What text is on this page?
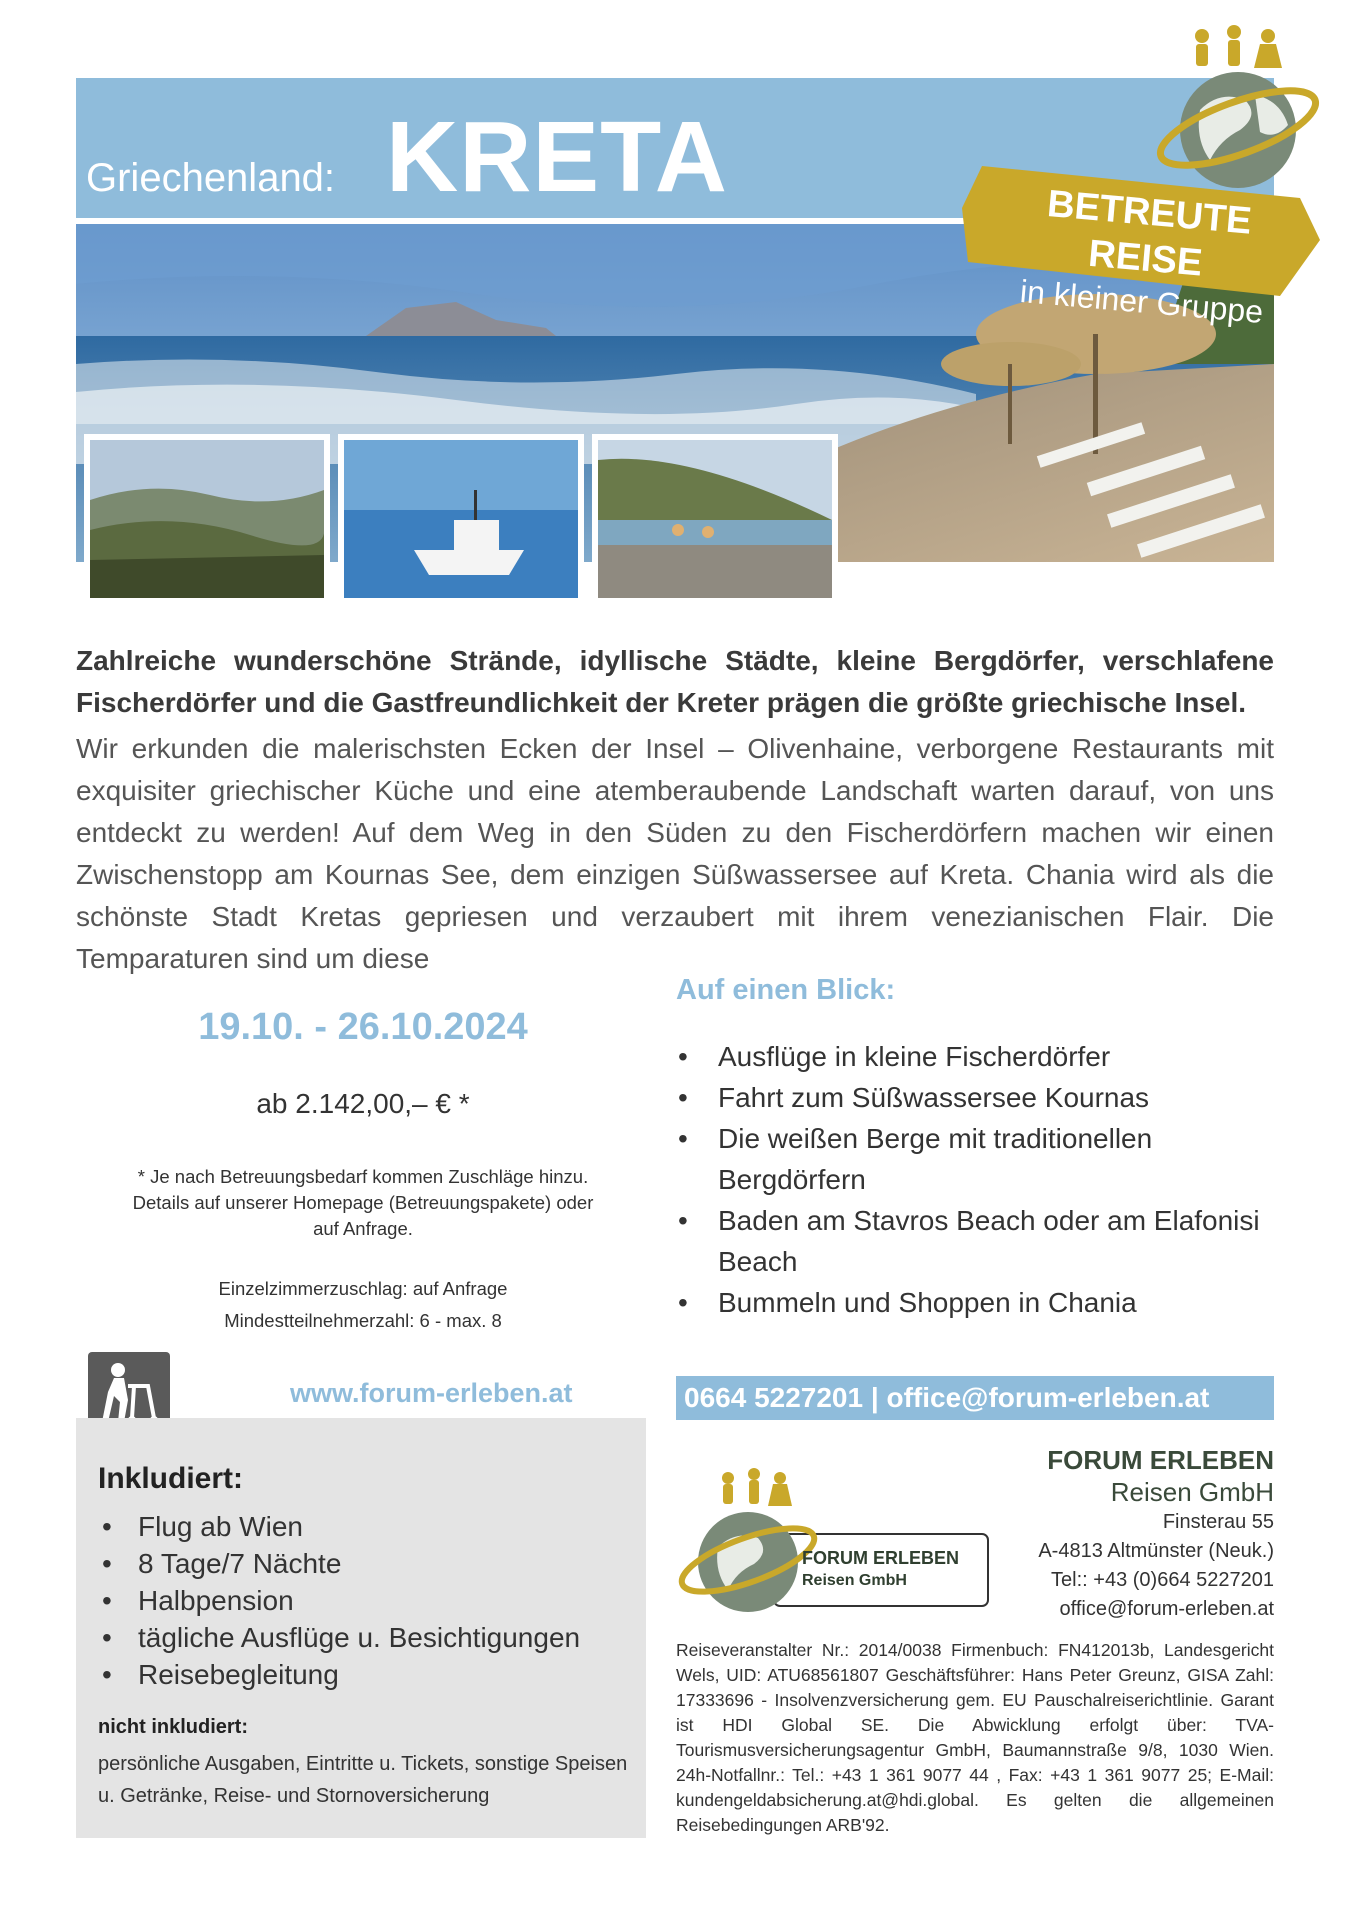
Griechenland: KRETA	BETREUTE REISE
in kleiner Gruppe
Zahlreiche wunderschöne Strände, idyllische Städte, kleine Bergdörfer, verschlafene Fischerdörfer und die Gastfreundlichkeit der Kreter prägen die größte griechische Insel.
Wir erkunden die malerischsten Ecken der Insel – Olivenhaine, verborgene Restaurants mit exquisiter griechischer Küche und eine atemberaubende Landschaft warten darauf, von uns entdeckt zu werden! Auf dem Weg in den Süden zu den Fischerdörfern machen wir einen Zwischenstopp am Kournas See, dem einzigen Süßwassersee auf Kreta. Chania wird als die schönste Stadt Kretas gepriesen und verzaubert mit ihrem venezianischen Flair. Die Temparaturen sind um diese
19.10. - 26.10.2024
ab 2.142,00,– € *
* Je nach Betreuungsbedarf kommen Zuschläge hinzu. Details auf unserer Homepage (Betreuungspakete) oder auf Anfrage.
Einzelzimmerzuschlag: auf Anfrage
Mindestteilnehmerzahl: 6 - max. 8
www.forum-erleben.at
Inkludiert:
• Flug ab Wien
• 8 Tage/7 Nächte
• Halbpension
• tägliche Ausflüge u. Besichtigungen
• Reisebegleitung
nicht inkludiert:
persönliche Ausgaben, Eintritte u. Tickets, sonstige Speisen u. Getränke, Reise- und Stornoversicherung
Auf einen Blick:
• Ausflüge in kleine Fischerdörfer
• Fahrt zum Süßwassersee Kournas
• Die weißen Berge mit traditionellen Bergdörfern
• Baden am Stavros Beach oder am Elafonisi Beach
• Bummeln und Shoppen in Chania
0664 5227201 | office@forum-erleben.at
FORUM ERLEBEN
Reisen GmbH
FORUM ERLEBEN
Reisen GmbH
Finsterau 55
A-4813 Altmünster (Neuk.)
Tel:: +43 (0)664 5227201
office@forum-erleben.at
Reiseveranstalter Nr.: 2014/0038 Firmenbuch: FN412013b, Landesgericht Wels, UID: ATU68561807 Geschäftsführer: Hans Peter Greunz, GISA Zahl: 17333696 - Insolvenzversicherung gem. EU Pauschalreiserichtlinie. Garant ist HDI Global SE. Die Abwicklung erfolgt über: TVA-Tourismusversicherungsagentur GmbH, Baumannstraße 9/8, 1030 Wien. 24h-Notfallnr.: Tel.: +43 1 361 9077 44 , Fax: +43 1 361 9077 25; E-Mail: kundengeldabsicherung.at@hdi.global. Es gelten die allgemeinen Reisebedingungen ARB'92.
